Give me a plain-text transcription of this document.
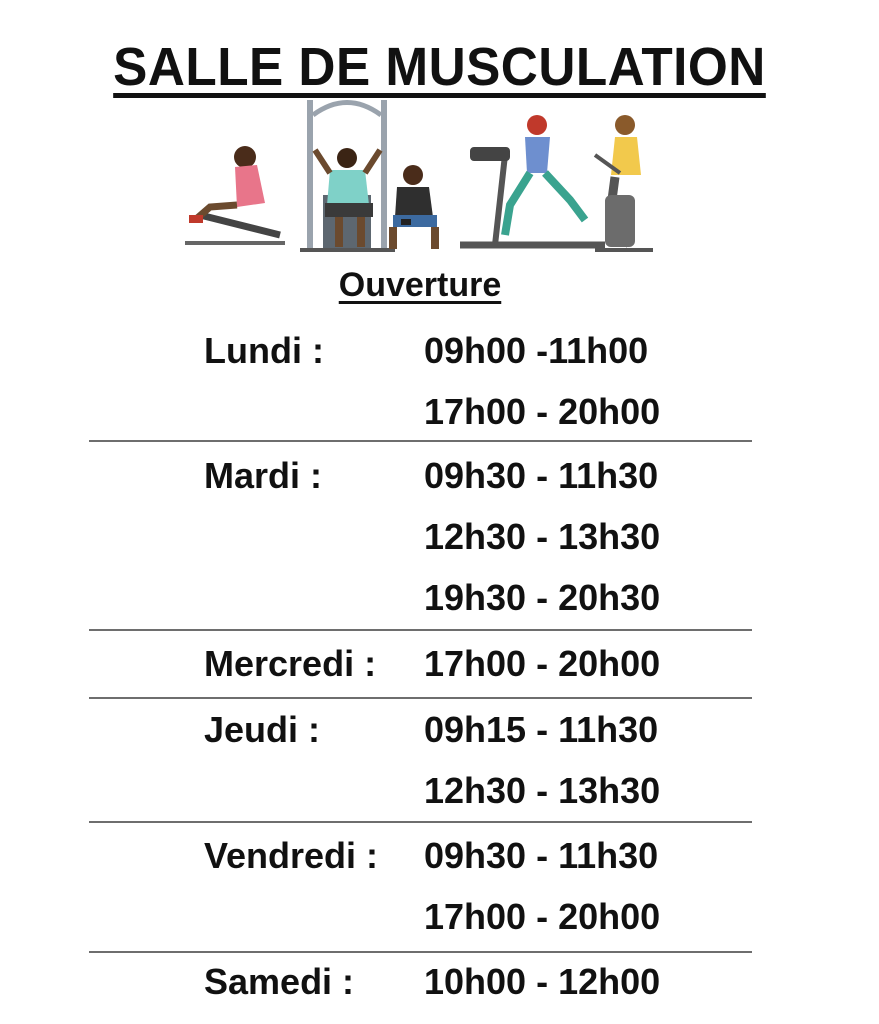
SALLE DE MUSCULATION
Ouverture
Lundi :	09h00 -11h00
17h00 - 20h00
Mardi :	09h30 - 11h30
12h30 - 13h30
19h30 - 20h30
Mercredi : 17h00 - 20h00
Jeudi :	09h15 - 11h30
12h30 - 13h30
Vendredi : 09h30 - 11h30
17h00 - 20h00
Samedi : 10h00 - 12h00
